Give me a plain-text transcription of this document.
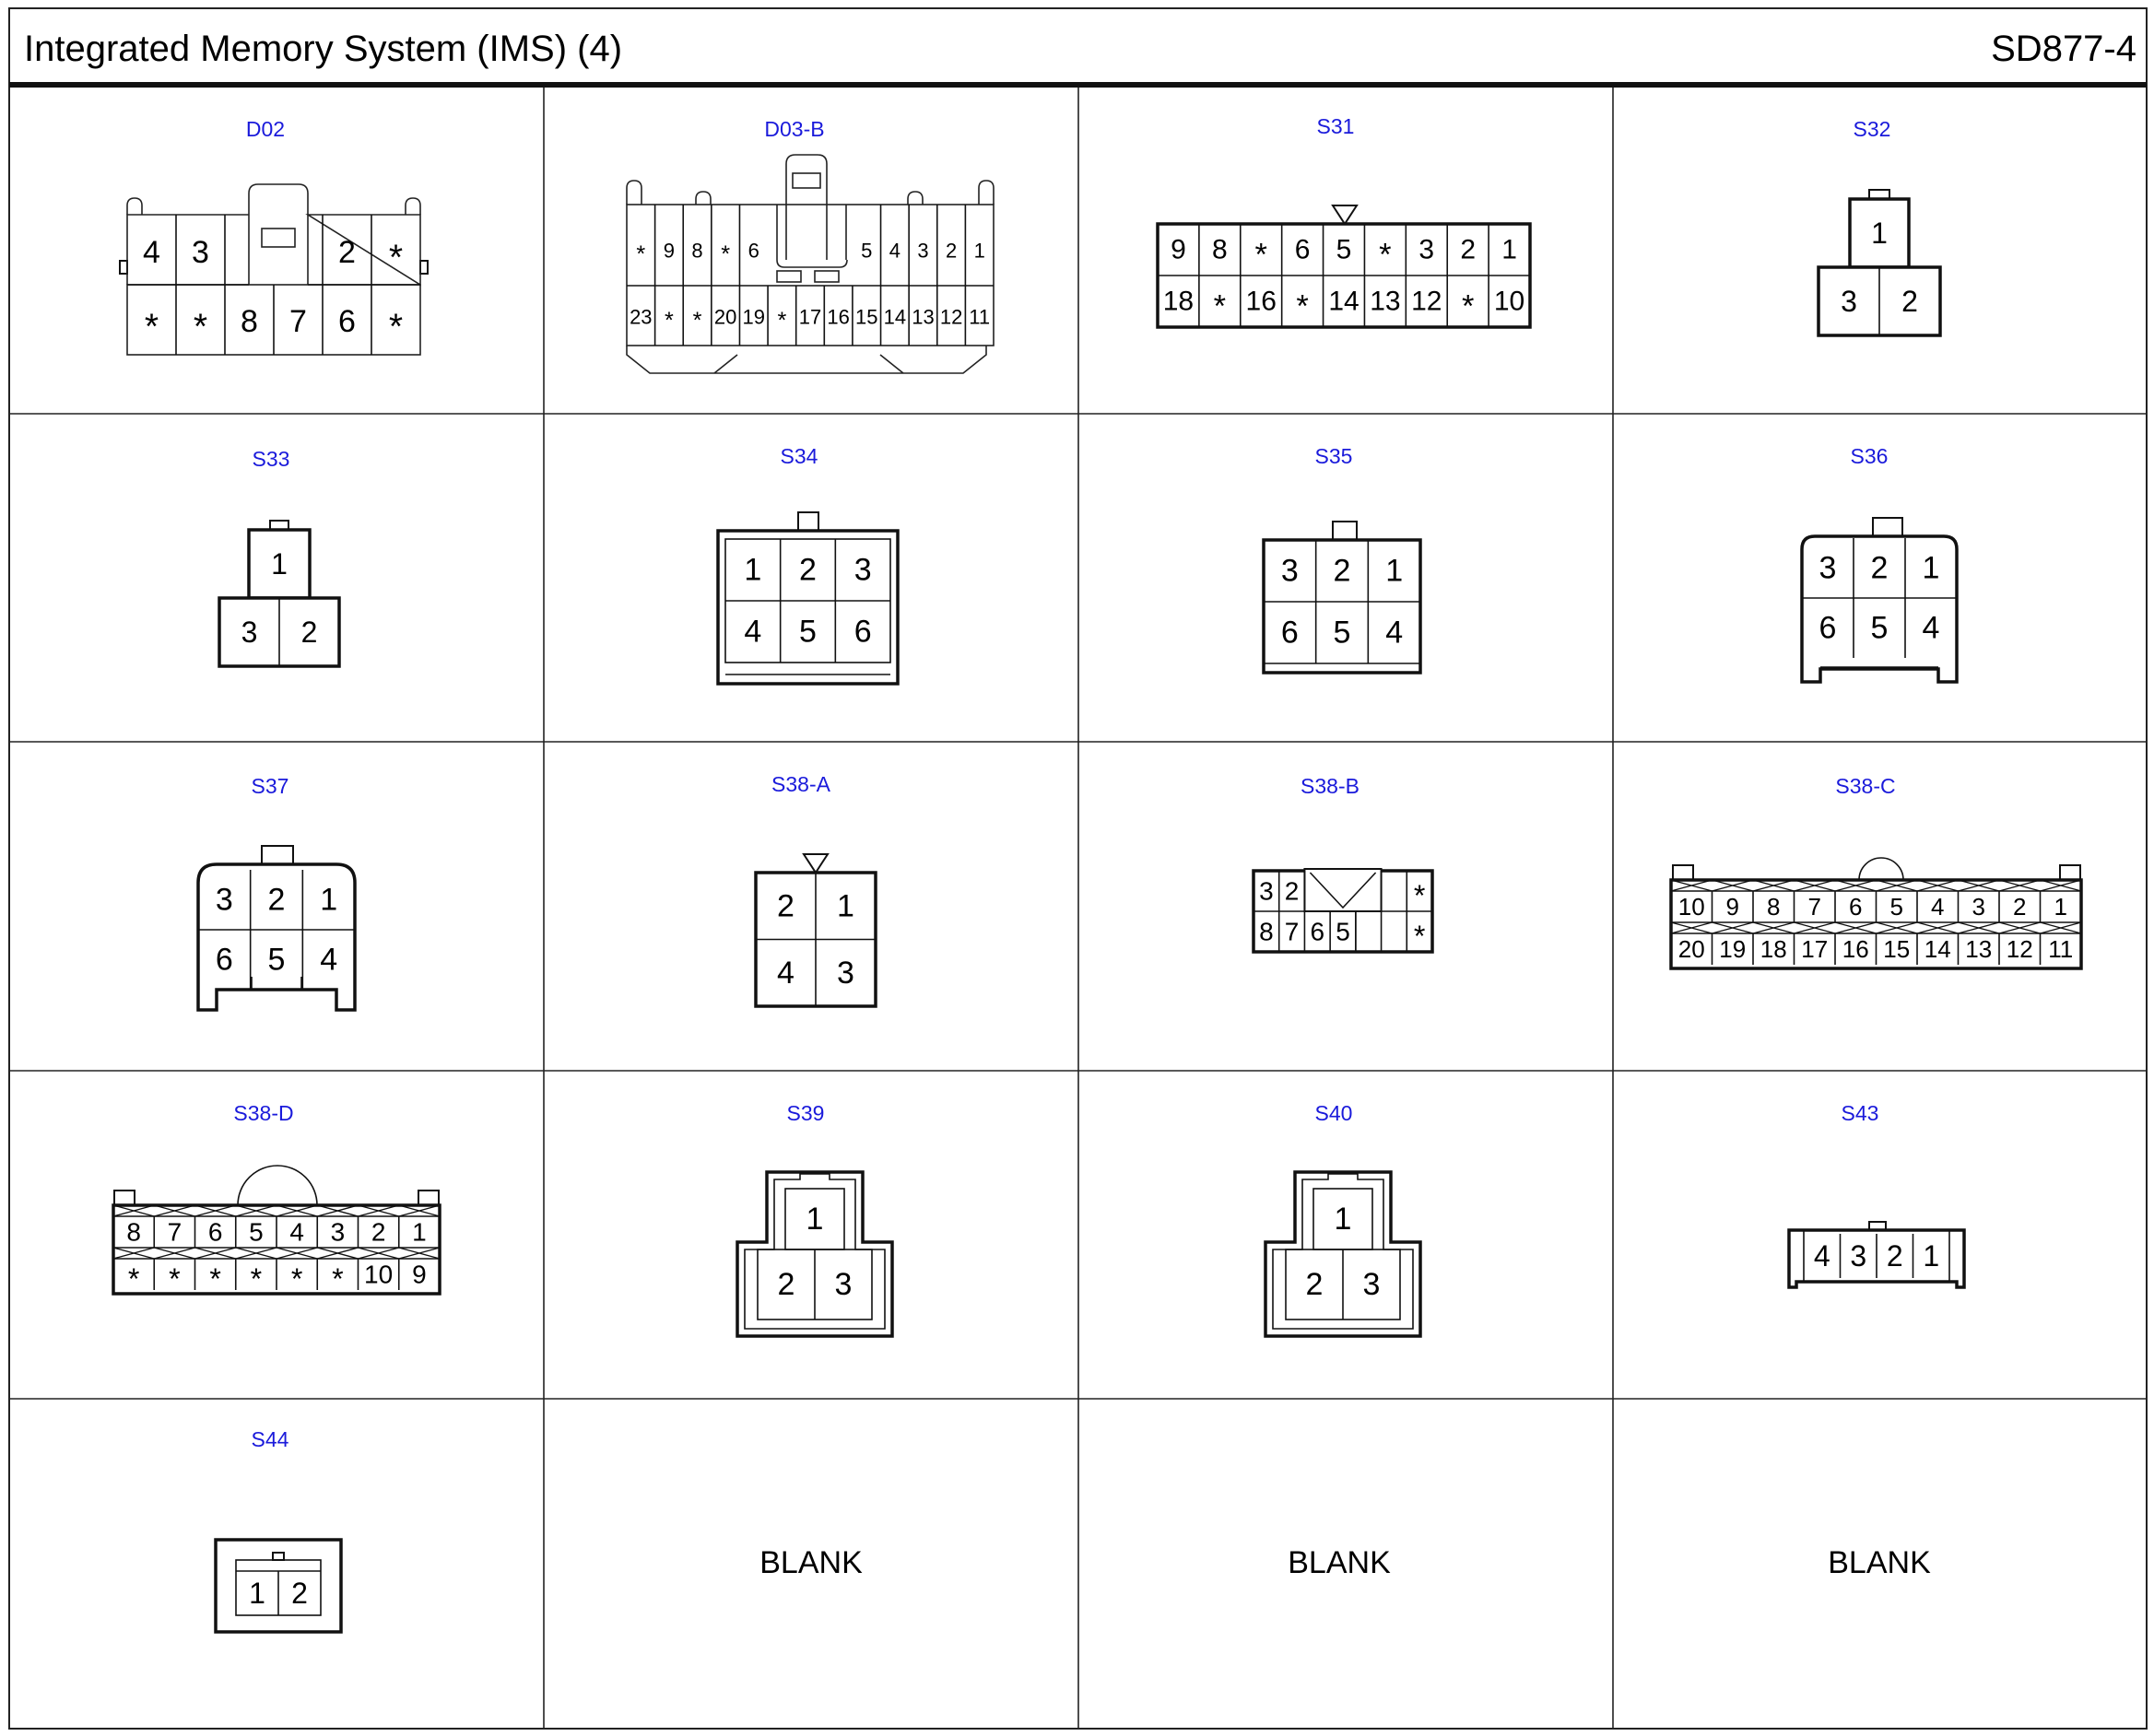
Integrated Memory System (IMS) (4)	SD877-4
D02	D03-B	S31	S32
S33	S34	S35	S36
S37	S38-A	S38-B	S38-C
S38-D	S39	S40	S43
S44
BLANK	BLANK	BLANK
4 3	2 *
* * 8 7 6 *
* 9 8 * 6	5 4 3 2 1
23 * * 20 19 * 17 16 15 14 13 12 11
9 8 * 6 5 * 3 2 1
18 * 16 * 14 13 12 * 10
1
3 2
1
3 2
1 2 3
4 5 6
3 2 1
6 5 4
3 2 1
6 5 4
3 2 1
6 5 4
2 1
4 3
3 2	*
8 7 6 5 *
10 9 8 7 6 5 4 3 2 1
20 19 18 17 16 15 14 13 12 11
8 7 6 5 4 3 2 1
* * * * * * 10 9
1
2 3
1
2 3
4 3 2 1
1 2
